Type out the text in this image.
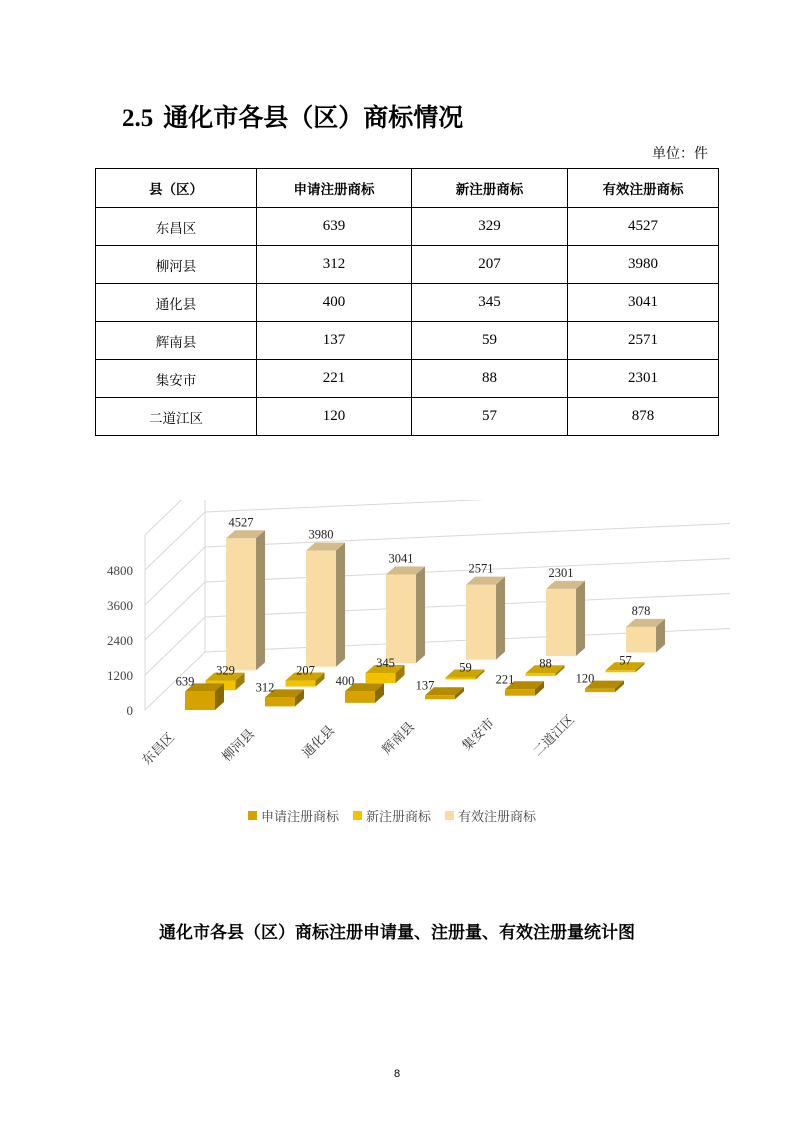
2.5 通化市各县（区）商标情况
单位：件
县（区）	申请注册商标	新注册商标	有效注册商标
东昌区	639	329	4527
柳河县	312	207	3980
通化县	400	345	3041
辉南县	137	59	2571
集安市	221	88	2301
二道江区	120	57	878
0
1200
2400
3600
4800
4527
329
639
东昌区
3980
207
312
柳河县
3041
345
400
通化县
2571
59
137
辉南县
2301
88
221
集安市
878
57
120
二道江区
申请注册商标 新注册商标 有效注册商标
通化市各县（区）商标注册申请量、注册量、有效注册量统计图
8
